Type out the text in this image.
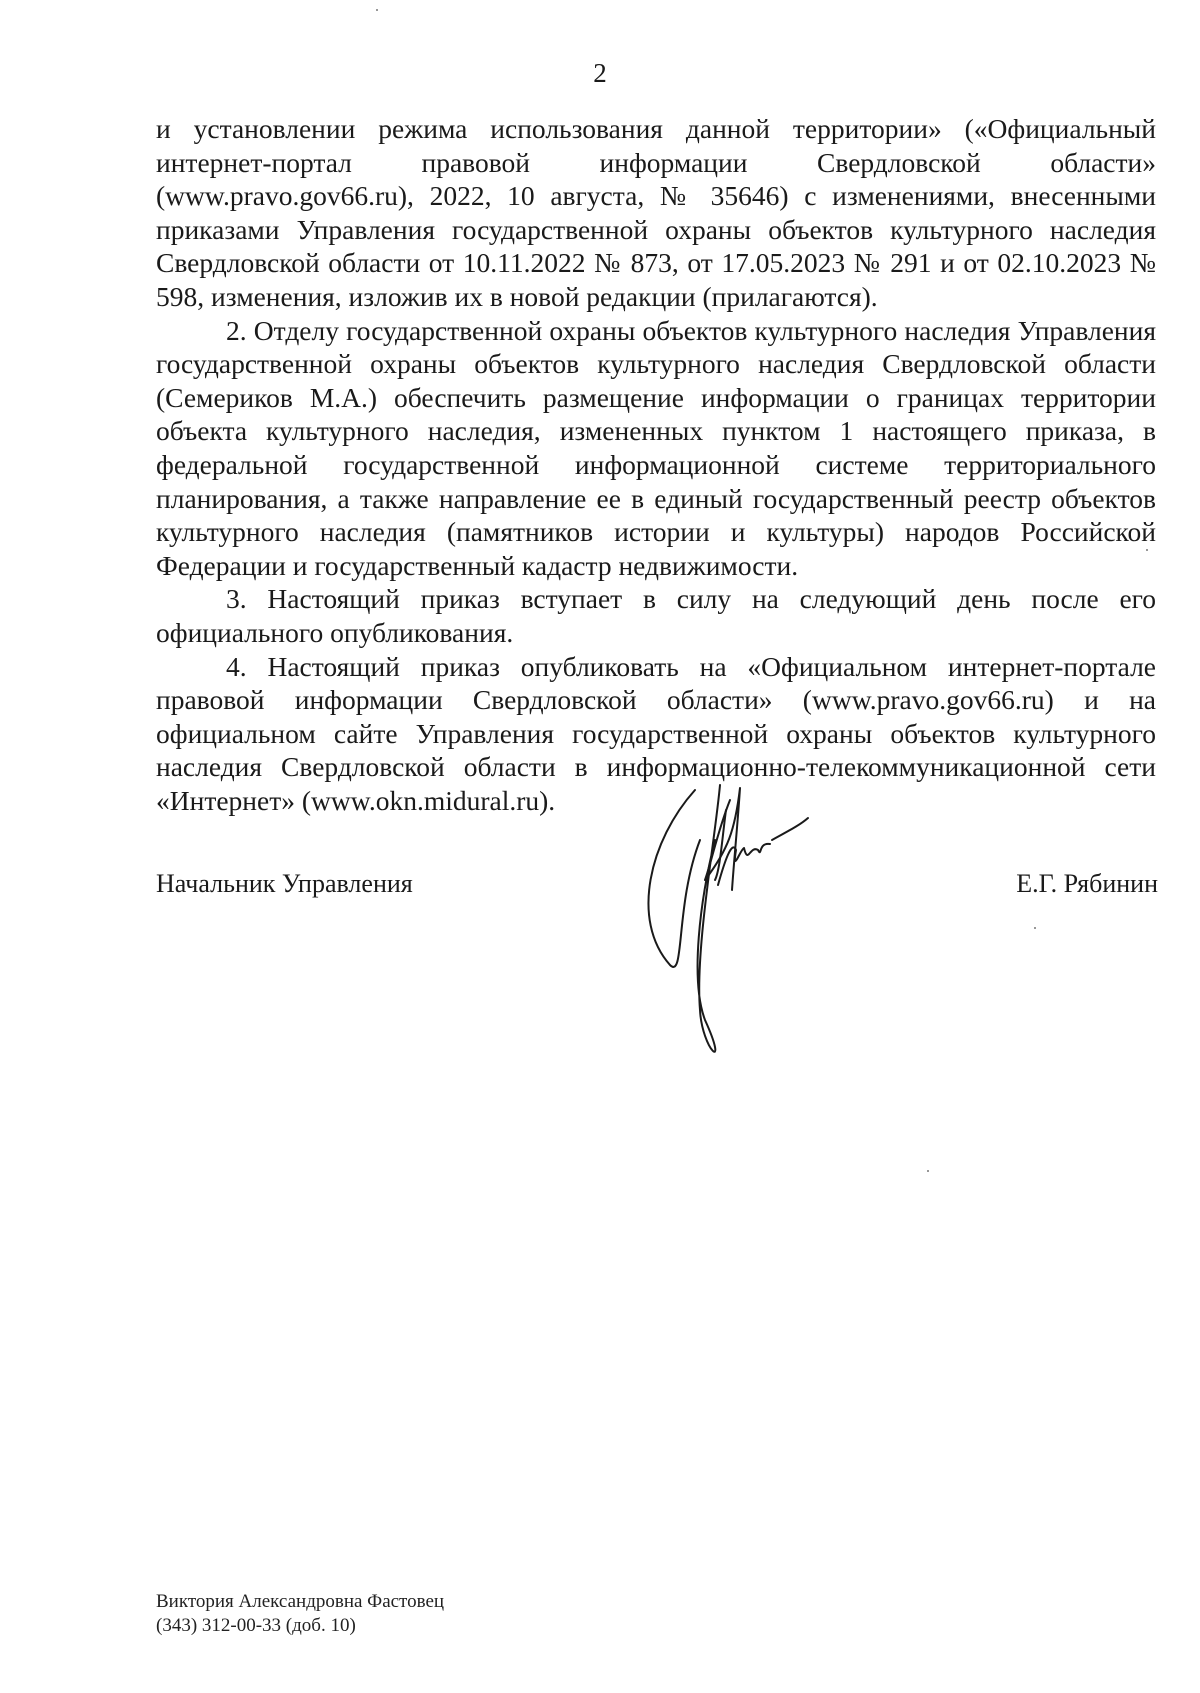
2

и установлении режима использования данной территории» («Официальный интернет-портал правовой информации Свердловской области» (www.pravo.gov66.ru), 2022, 10 августа, № 35646) с изменениями, внесенными приказами Управления государственной охраны объектов культурного наследия Свердловской области от 10.11.2022 № 873, от 17.05.2023 № 291 и от 02.10.2023 № 598, изменения, изложив их в новой редакции (прилагаются).

2. Отделу государственной охраны объектов культурного наследия Управления государственной охраны объектов культурного наследия Свердловской области (Семериков М.А.) обеспечить размещение информации о границах территории объекта культурного наследия, измененных пунктом 1 настоящего приказа, в федеральной государственной информационной системе территориального планирования, а также направление ее в единый государственный реестр объектов культурного наследия (памятников истории и культуры) народов Российской Федерации и государственный кадастр недвижимости.

3. Настоящий приказ вступает в силу на следующий день после его официального опубликования.

4. Настоящий приказ опубликовать на «Официальном интернет-портале правовой информации Свердловской области» (www.pravo.gov66.ru) и на официальном сайте Управления государственной охраны объектов культурного наследия Свердловской области в информационно-телекоммуникационной сети «Интернет» (www.okn.midural.ru).

Начальник Управления	Е.Г. Рябинин
Виктория Александровна Фастовец
(343) 312-00-33 (доб. 10)
